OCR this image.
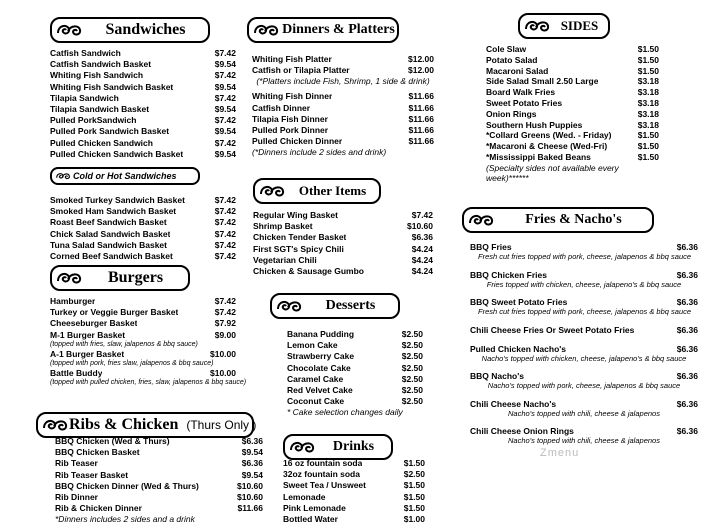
Sandwiches
Catfish Sandwich	$7.42
Catfish Sandwich Basket	$9.54
Whiting Fish Sandwich	$7.42
Whiting Fish Sandwich Basket	$9.54
Tilapia Sandwich	$7.42
Tilapia Sandwich Basket	$9.54
Pulled PorkSandwich	$7.42
Pulled Pork Sandwich Basket	$9.54
Pulled Chicken Sandwich	$7.42
Pulled Chicken Sandwich Basket	$9.54
Cold or Hot Sandwiches
Smoked Turkey Sandwich Basket	$7.42
Smoked Ham Sandwich Basket	$7.42
Roast Beef Sandwich Basket	$7.42
Chick Salad Sandwich Basket	$7.42
Tuna Salad Sandwich Basket	$7.42
Corned Beef Sandwich Basket	$7.42
Burgers
Hamburger	$7.42
Turkey or Veggie Burger Basket	$7.42
Cheeseburger Basket	$7.92
M-1 Burger Basket	$9.00
(topped with fries, slaw, jalapenos & bbq sauce)
A-1 Burger Basket	$10.00
(topped with pork, fries slaw, jalapenos & bbq sauce)
Battle Buddy	$10.00
(topped with pulled chicken, fries, slaw, jalapenos & bbq sauce)
Ribs & Chicken (Thurs Only )
BBQ Chicken (Wed & Thurs)	$6.36
BBQ Chicken Basket	$9.54
Rib Teaser	$6.36
Rib Teaser Basket	$9.54
BBQ Chicken Dinner (Wed & Thurs)	$10.60
Rib Dinner	$10.60
Rib & Chicken Dinner	$11.66
*Dinners includes 2 sides and a drink
Dinners & Platters
Whiting Fish Platter	$12.00
Catfish or Tilapia Platter	$12.00
(*Platters include Fish, Shrimp, 1 side & drink)
Whiting Fish Dinner	$11.66
Catfish Dinner	$11.66
Tilapia Fish Dinner	$11.66
Pulled Pork Dinner	$11.66
Pulled Chicken Dinner	$11.66
(*Dinners include 2 sides and drink)
Other Items
Regular Wing Basket	$7.42
Shrimp Basket	$10.60
Chicken Tender Basket	$6.36
First SGT's Spicy Chili	$4.24
Vegetarian Chili	$4.24
Chicken & Sausage Gumbo	$4.24
Desserts
Banana Pudding	$2.50
Lemon Cake	$2.50
Strawberry Cake	$2.50
Chocolate Cake	$2.50
Caramel Cake	$2.50
Red Velvet Cake	$2.50
Coconut Cake	$2.50
* Cake selection changes daily
Drinks
16 oz fountain soda	$1.50
32oz fountain soda	$2.50
Sweet Tea / Unsweet	$1.50
Lemonade	$1.50
Pink Lemonade	$1.50
Bottled Water	$1.00
SIDES
Cole Slaw	$1.50
Potato Salad	$1.50
Macaroni Salad	$1.50
Side Salad Small 2.50 Large	$3.18
Board Walk Fries	$3.18
Sweet Potato Fries	$3.18
Onion Rings	$3.18
Southern Hush Puppies	$3.18
*Collard Greens (Wed. - Friday)	$1.50
*Macaroni & Cheese (Wed-Fri)	$1.50
*Mississippi Baked Beans	$1.50
(Specialty sides not available every week)******
Fries & Nacho's
BBQ Fries	$6.36
Fresh cut fries topped with pork, cheese, jalapenos & bbq sauce
BBQ Chicken Fries	$6.36
Fries topped with chicken, cheese, jalapeno's & bbq sauce
BBQ Sweet Potato Fries	$6.36
Fresh cut fries topped with pork, cheese, jalapenos & bbq sauce
Chili Cheese Fries Or Sweet Potato Fries	$6.36
Pulled Chicken Nacho's	$6.36
Nacho's topped with chicken, cheese, jalapeno's & bbq sauce
BBQ Nacho's	$6.36
Nacho's topped with pork, cheese, jalapenos & bbq sauce
Chili Cheese Nacho's	$6.36
Nacho's topped with chili, cheese & jalapenos
Chili Cheese Onion Rings	$6.36
Nacho's topped with chili, cheese & jalapenos
Zmenu
